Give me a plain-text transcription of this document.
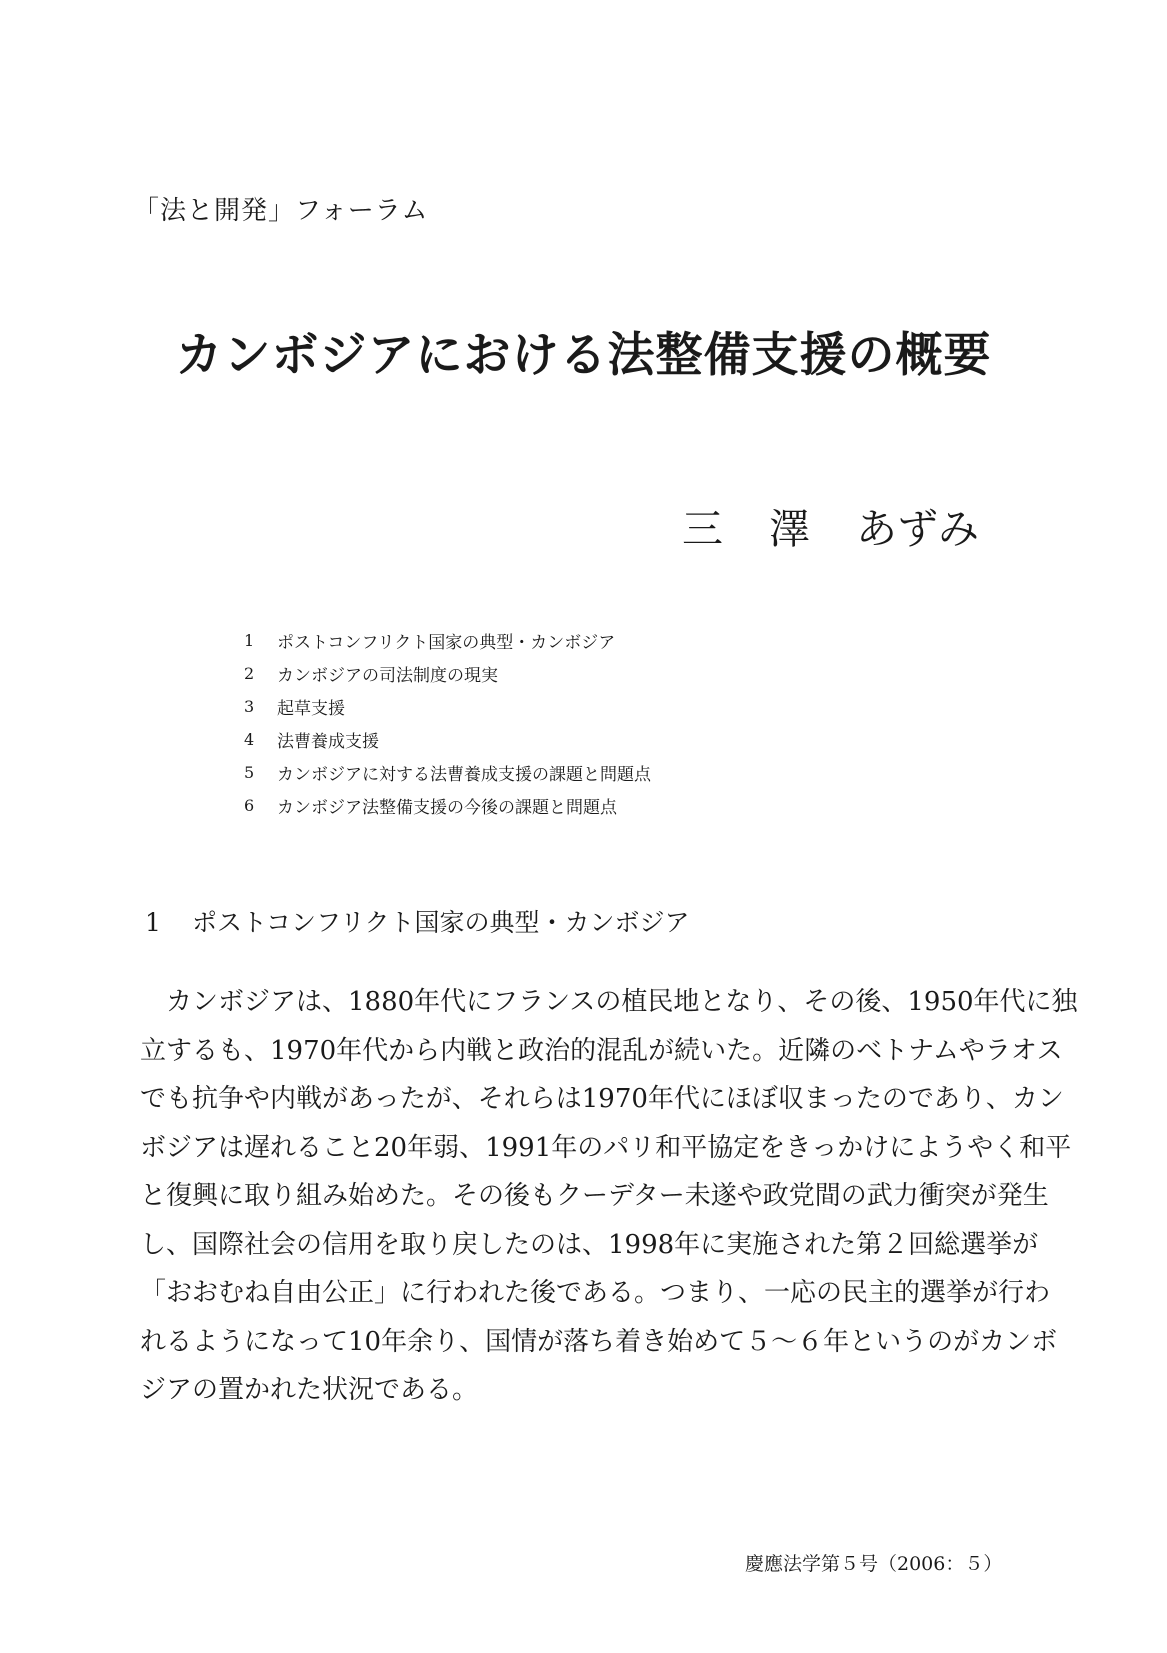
「法と開発」フォーラム
カンボジアにおける法整備支援の概要
三 澤 あずみ
1	ポストコンフリクト国家の典型・カンボジア
2	カンボジアの司法制度の現実
3	起草支援
4	法曹養成支援
5	カンボジアに対する法曹養成支援の課題と問題点
6	カンボジア法整備支援の今後の課題と問題点
1 ポストコンフリクト国家の典型・カンボジア

カンボジアは、1880年代にフランスの植民地となり、その後、1950年代に独
立するも、1970年代から内戦と政治的混乱が続いた。近隣のベトナムやラオス
でも抗争や内戦があったが、それらは1970年代にほぼ収まったのであり、カン
ボジアは遅れること20年弱、1991年のパリ和平協定をきっかけにようやく和平
と復興に取り組み始めた。その後もクーデター未遂や政党間の武力衝突が発生
し、国際社会の信用を取り戻したのは、1998年に実施された第２回総選挙が
「おおむね自由公正」に行われた後である。つまり、一応の民主的選挙が行わ
れるようになって10年余り、国情が落ち着き始めて５～６年というのがカンボ
ジアの置かれた状況である。

慶應法学第５号（2006：５）
